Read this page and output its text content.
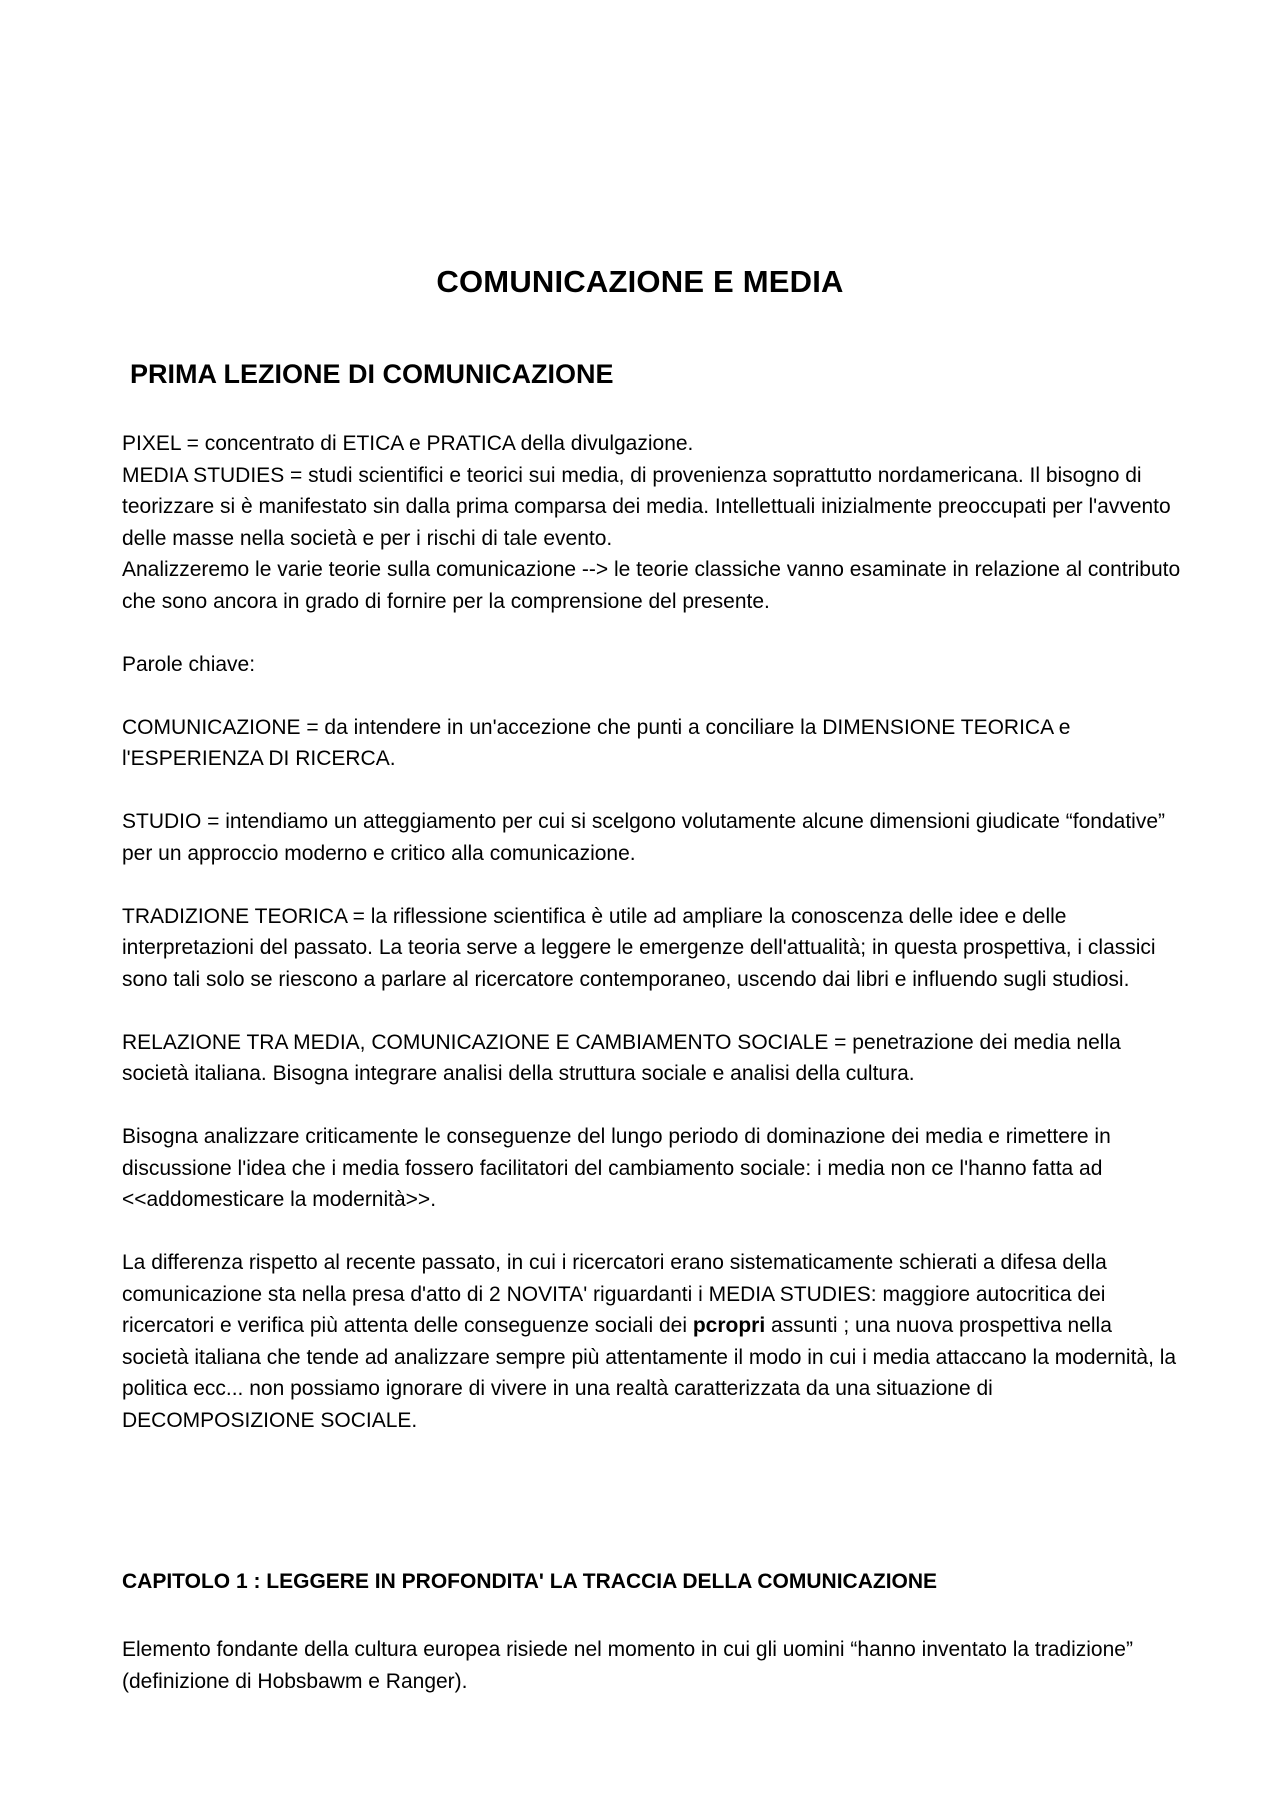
COMUNICAZIONE E MEDIA
PRIMA LEZIONE DI COMUNICAZIONE

PIXEL = concentrato di ETICA e PRATICA della divulgazione.

MEDIA STUDIES = studi scientifici e teorici sui media, di provenienza soprattutto nordamericana. Il bisogno di teorizzare si è manifestato sin dalla prima comparsa dei media. Intellettuali inizialmente preoccupati per l'avvento delle masse nella società e per i rischi di tale evento.

Analizzeremo le varie teorie sulla comunicazione --> le teorie classiche vanno esaminate in relazione al contributo che sono ancora in grado di fornire per la comprensione del presente.

Parole chiave:

COMUNICAZIONE = da intendere in un'accezione che punti a conciliare la DIMENSIONE TEORICA e l'ESPERIENZA DI RICERCA.

STUDIO = intendiamo un atteggiamento per cui si scelgono volutamente alcune dimensioni giudicate “fondative” per un approccio moderno e critico alla comunicazione.

TRADIZIONE TEORICA = la riflessione scientifica è utile ad ampliare la conoscenza delle idee e delle interpretazioni del passato. La teoria serve a leggere le emergenze dell'attualità; in questa prospettiva, i classici sono tali solo se riescono a parlare al ricercatore contemporaneo, uscendo dai libri e influendo sugli studiosi.

RELAZIONE TRA MEDIA, COMUNICAZIONE E CAMBIAMENTO SOCIALE = penetrazione dei media nella società italiana. Bisogna integrare analisi della struttura sociale e analisi della cultura.

Bisogna analizzare criticamente le conseguenze del lungo periodo di dominazione dei media e rimettere in discussione l'idea che i media fossero facilitatori del cambiamento sociale: i media non ce l'hanno fatta ad <<addomesticare la modernità>>.

La differenza rispetto al recente passato, in cui i ricercatori erano sistematicamente schierati a difesa della comunicazione sta nella presa d'atto di 2 NOVITA' riguardanti i MEDIA STUDIES: maggiore autocritica dei ricercatori e verifica più attenta delle conseguenze sociali dei pcropri assunti ; una nuova prospettiva nella società italiana che tende ad analizzare sempre più attentamente il modo in cui i media attaccano la modernità, la politica ecc... non possiamo ignorare di vivere in una realtà caratterizzata da una situazione di DECOMPOSIZIONE SOCIALE.

CAPITOLO 1 : LEGGERE IN PROFONDITA' LA TRACCIA DELLA COMUNICAZIONE

Elemento fondante della cultura europea risiede nel momento in cui gli uomini “hanno inventato la tradizione” (definizione di Hobsbawm e Ranger).
